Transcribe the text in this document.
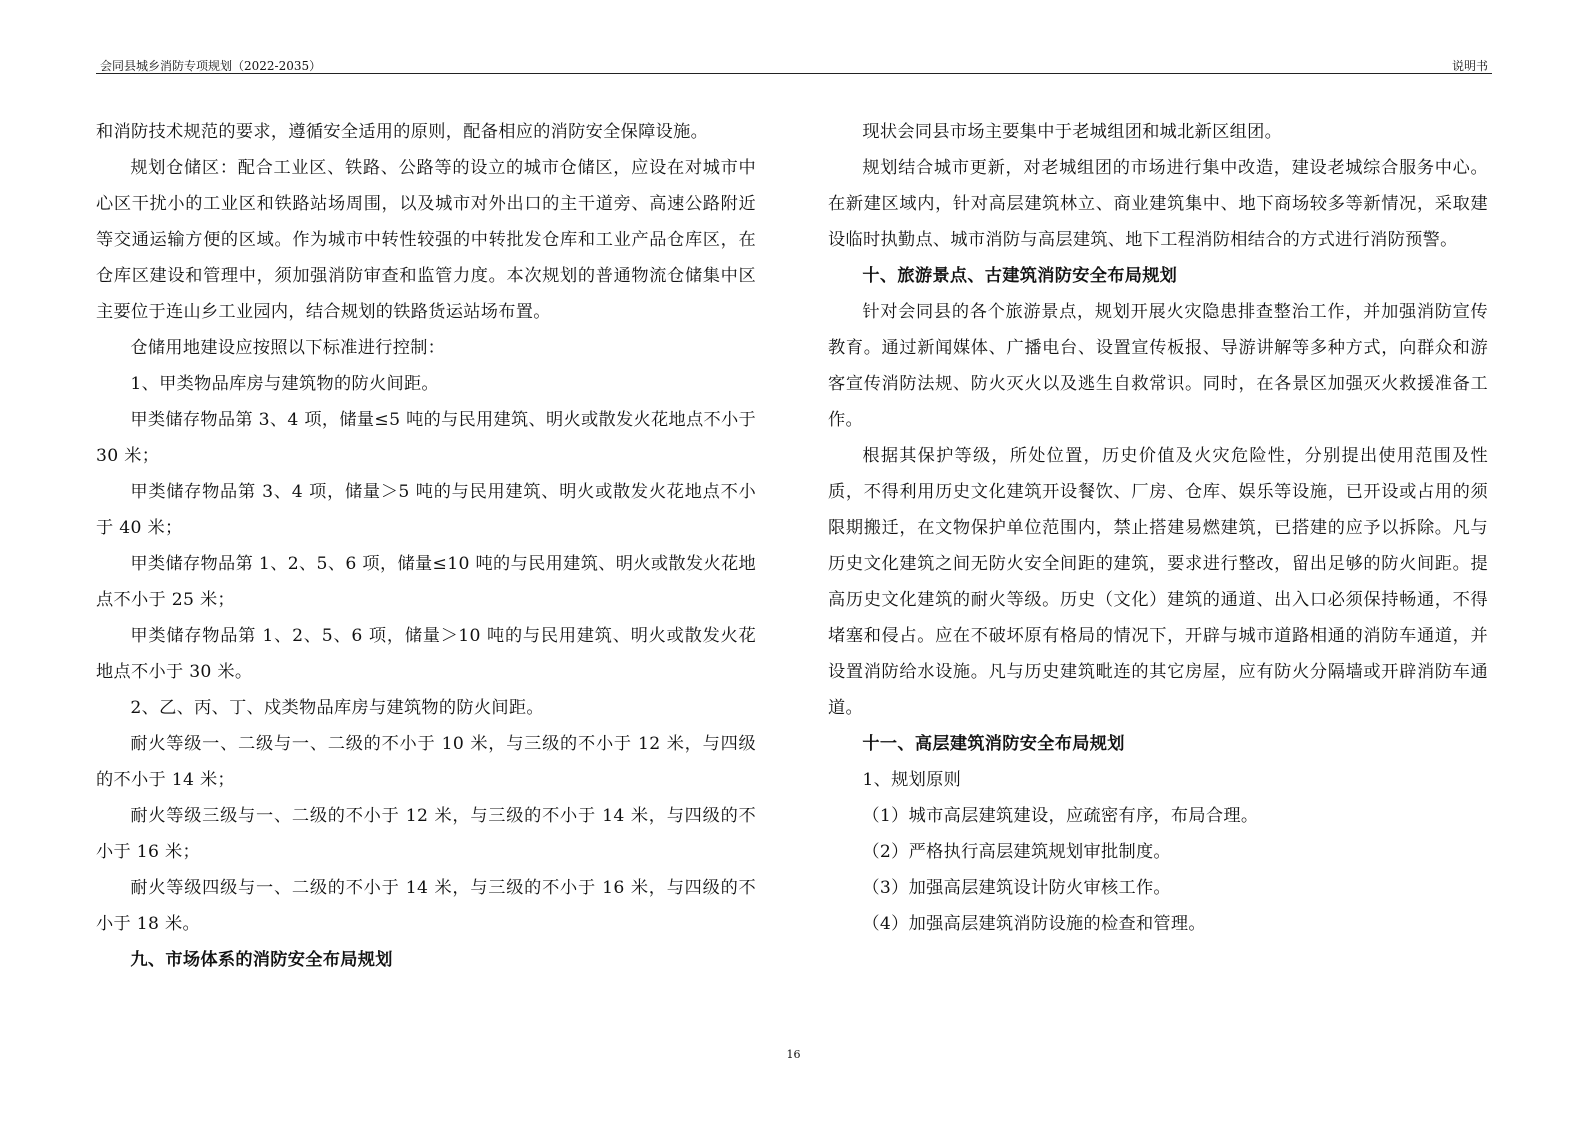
会同县城乡消防专项规划（2022-2035）	说明书

和消防技术规范的要求，遵循安全适用的原则，配备相应的消防安全保障设施。

规划仓储区：配合工业区、铁路、公路等的设立的城市仓储区，应设在对城市中心区干扰小的工业区和铁路站场周围，以及城市对外出口的主干道旁、高速公路附近等交通运输方便的区域。作为城市中转性较强的中转批发仓库和工业产品仓库区，在仓库区建设和管理中，须加强消防审查和监管力度。本次规划的普通物流仓储集中区主要位于连山乡工业园内，结合规划的铁路货运站场布置。

仓储用地建设应按照以下标准进行控制：

1、甲类物品库房与建筑物的防火间距。

甲类储存物品第 3、4 项，储量≤5 吨的与民用建筑、明火或散发火花地点不小于 30 米；

甲类储存物品第 3、4 项，储量＞5 吨的与民用建筑、明火或散发火花地点不小于 40 米；

甲类储存物品第 1、2、5、6 项，储量≤10 吨的与民用建筑、明火或散发火花地点不小于 25 米；

甲类储存物品第 1、2、5、6 项，储量＞10 吨的与民用建筑、明火或散发火花地点不小于 30 米。

2、乙、丙、丁、戍类物品库房与建筑物的防火间距。

耐火等级一、二级与一、二级的不小于 10 米，与三级的不小于 12 米，与四级的不小于 14 米；

耐火等级三级与一、二级的不小于 12 米，与三级的不小于 14 米，与四级的不小于 16 米；

耐火等级四级与一、二级的不小于 14 米，与三级的不小于 16 米，与四级的不小于 18 米。

九、市场体系的消防安全布局规划

现状会同县市场主要集中于老城组团和城北新区组团。

规划结合城市更新，对老城组团的市场进行集中改造，建设老城综合服务中心。在新建区域内，针对高层建筑林立、商业建筑集中、地下商场较多等新情况，采取建设临时执勤点、城市消防与高层建筑、地下工程消防相结合的方式进行消防预警。

十、旅游景点、古建筑消防安全布局规划

针对会同县的各个旅游景点，规划开展火灾隐患排查整治工作，并加强消防宣传教育。通过新闻媒体、广播电台、设置宣传板报、导游讲解等多种方式，向群众和游客宣传消防法规、防火灭火以及逃生自救常识。同时，在各景区加强灭火救援准备工作。

根据其保护等级，所处位置，历史价值及火灾危险性，分别提出使用范围及性质，不得利用历史文化建筑开设餐饮、厂房、仓库、娱乐等设施，已开设或占用的须限期搬迁，在文物保护单位范围内，禁止搭建易燃建筑，已搭建的应予以拆除。凡与历史文化建筑之间无防火安全间距的建筑，要求进行整改，留出足够的防火间距。提高历史文化建筑的耐火等级。历史（文化）建筑的通道、出入口必须保持畅通，不得堵塞和侵占。应在不破坏原有格局的情况下，开辟与城市道路相通的消防车通道，并设置消防给水设施。凡与历史建筑毗连的其它房屋，应有防火分隔墙或开辟消防车通道。

十一、高层建筑消防安全布局规划

1、规划原则

（1）城市高层建筑建设，应疏密有序，布局合理。

（2）严格执行高层建筑规划审批制度。

（3）加强高层建筑设计防火审核工作。

（4）加强高层建筑消防设施的检查和管理。

16
